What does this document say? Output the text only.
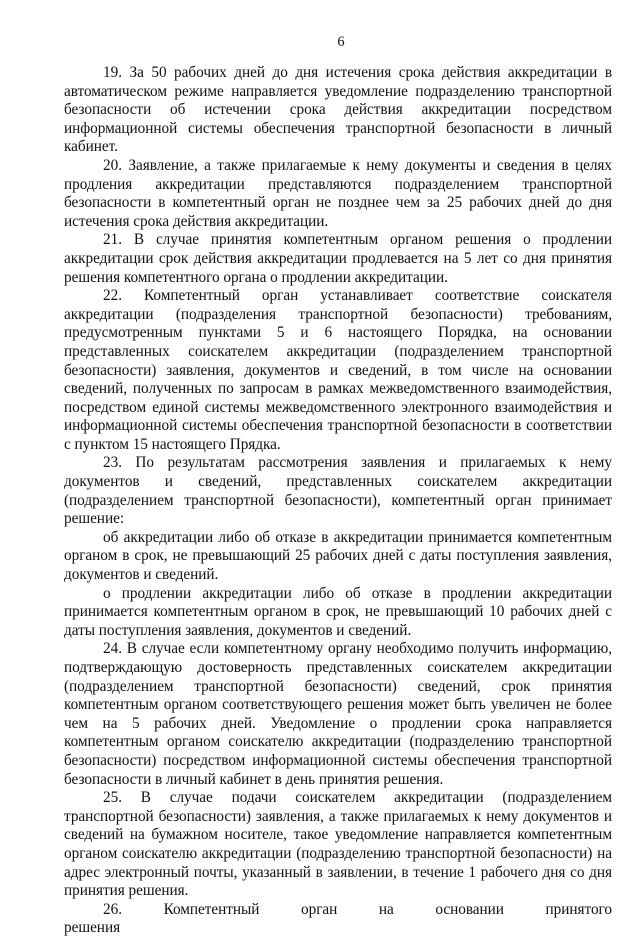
6

19. За 50 рабочих дней до дня истечения срока действия аккредитации в автоматическом режиме направляется уведомление подразделению транспортной безопасности об истечении срока действия аккредитации посредством информационной системы обеспечения транспортной безопасности в личный кабинет.

20. Заявление, а также прилагаемые к нему документы и сведения в целях продления аккредитации представляются подразделением транспортной безопасности в компетентный орган не позднее чем за 25 рабочих дней до дня истечения срока действия аккредитации.

21. В случае принятия компетентным органом решения о продлении аккредитации срок действия аккредитации продлевается на 5 лет со дня принятия решения компетентного органа о продлении аккредитации.

22. Компетентный орган устанавливает соответствие соискателя аккредитации (подразделения транспортной безопасности) требованиям, предусмотренным пунктами 5 и 6 настоящего Порядка, на основании представленных соискателем аккредитации (подразделением транспортной безопасности) заявления, документов и сведений, в том числе на основании сведений, полученных по запросам в рамках межведомственного взаимодействия, посредством единой системы межведомственного электронного взаимодействия и информационной системы обеспечения транспортной безопасности в соответствии с пунктом 15 настоящего Прядка.

23. По результатам рассмотрения заявления и прилагаемых к нему документов и сведений, представленных соискателем аккредитации (подразделением транспортной безопасности), компетентный орган принимает решение:

об аккредитации либо об отказе в аккредитации принимается компетентным органом в срок, не превышающий 25 рабочих дней с даты поступления заявления, документов и сведений.

о продлении аккредитации либо об отказе в продлении аккредитации принимается компетентным органом в срок, не превышающий 10 рабочих дней с даты поступления заявления, документов и сведений.

24. В случае если компетентному органу необходимо получить информацию, подтверждающую достоверность представленных соискателем аккредитации (подразделением транспортной безопасности) сведений, срок принятия компетентным органом соответствующего решения может быть увеличен не более чем на 5 рабочих дней. Уведомление о продлении срока направляется компетентным органом соискателю аккредитации (подразделению транспортной безопасности) посредством информационной системы обеспечения транспортной безопасности в личный кабинет в день принятия решения.

25. В случае подачи соискателем аккредитации (подразделением транспортной безопасности) заявления, а также прилагаемых к нему документов и сведений на бумажном носителе, такое уведомление направляется компетентным органом соискателю аккредитации (подразделению транспортной безопасности) на адрес электронный почты, указанный в заявлении, в течение 1 рабочего дня со дня принятия решения.

26. Компетентный орган на основании принятого решения
